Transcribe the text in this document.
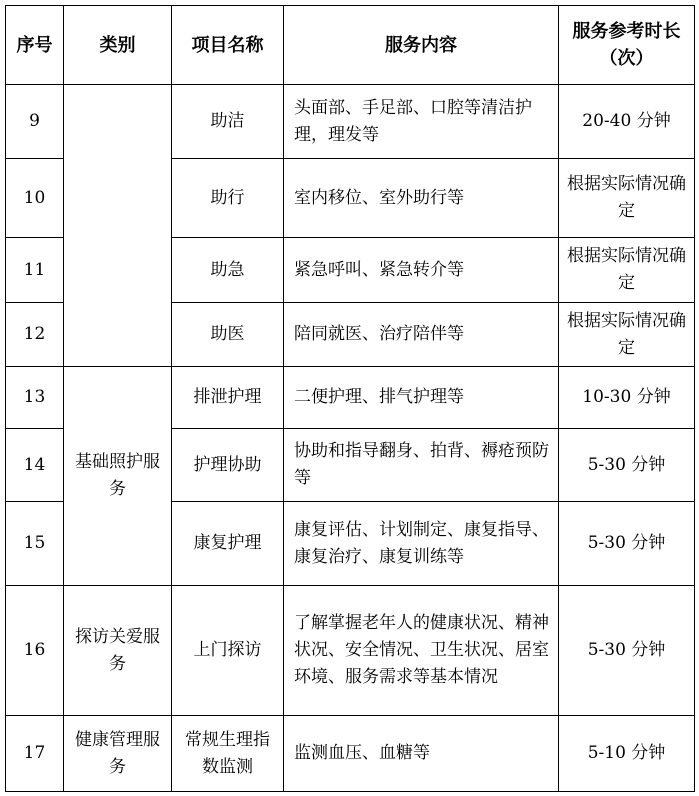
序号	类别	项目名称	服务内容	服务参考时长（次）
9		助洁	头面部、手足部、口腔等清洁护理，理发等	20-40 分钟
10		助行	室内移位、室外助行等	根据实际情况确定
11		助急	紧急呼叫、紧急转介等	根据实际情况确定
12		助医	陪同就医、治疗陪伴等	根据实际情况确定
13	基础照护服务	排泄护理	二便护理、排气护理等	10-30 分钟
14		护理协助	协助和指导翻身、拍背、褥疮预防等	5-30 分钟
15		康复护理	康复评估、计划制定、康复指导、康复治疗、康复训练等	5-30 分钟
16	探访关爱服务	上门探访	了解掌握老年人的健康状况、精神状况、安全情况、卫生状况、居室环境、服务需求等基本情况	5-30 分钟
17	健康管理服务	常规生理指数监测	监测血压、血糖等	5-10 分钟
